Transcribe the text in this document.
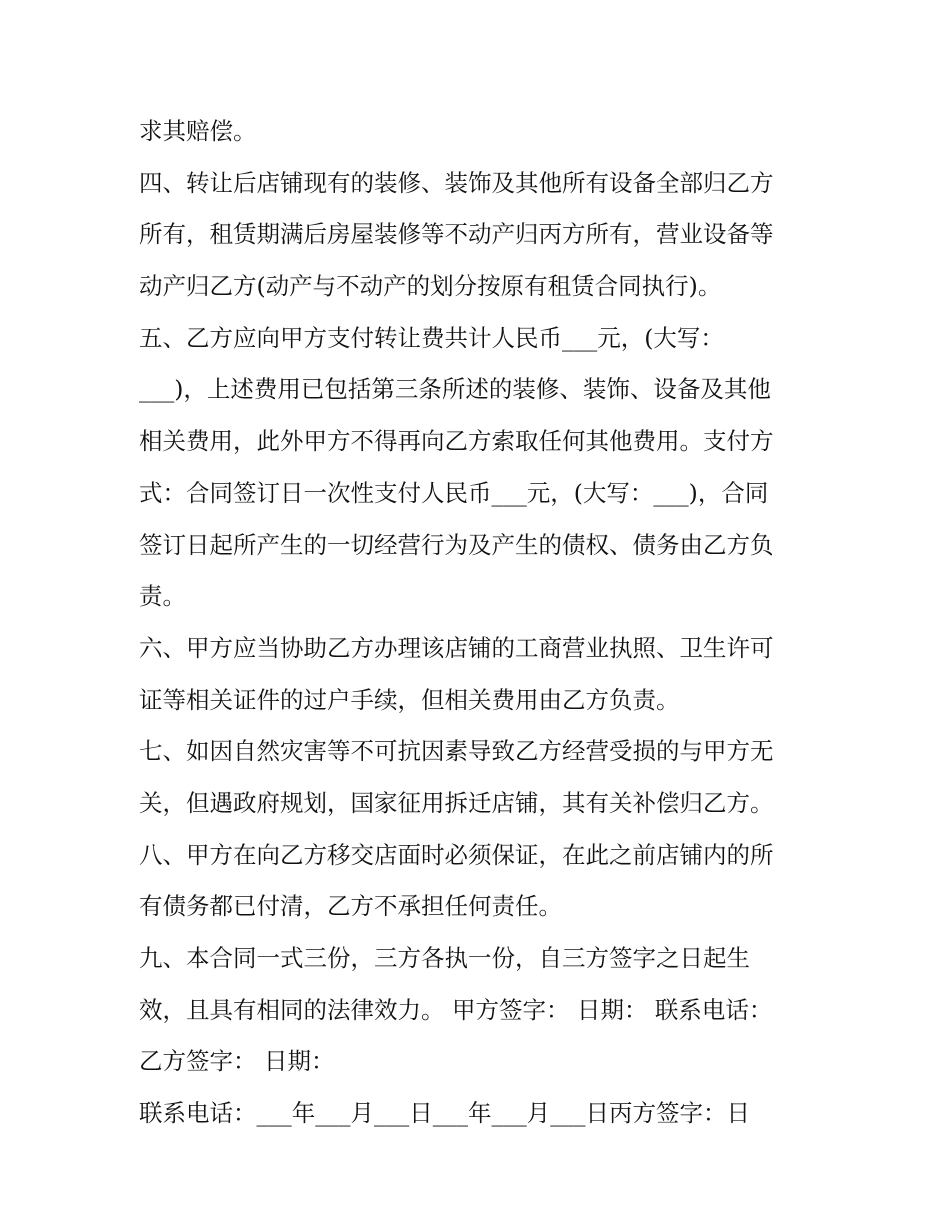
求其赔偿。
四、转让后店铺现有的装修、装饰及其他所有设备全部归乙方
所有，租赁期满后房屋装修等不动产归丙方所有，营业设备等
动产归乙方(动产与不动产的划分按原有租赁合同执行)。
五、乙方应向甲方支付转让费共计人民币___元，(大写：
___)，上述费用已包括第三条所述的装修、装饰、设备及其他
相关费用，此外甲方不得再向乙方索取任何其他费用。支付方
式：合同签订日一次性支付人民币___元，(大写：___)，合同
签订日起所产生的一切经营行为及产生的债权、债务由乙方负
责。
六、甲方应当协助乙方办理该店铺的工商营业执照、卫生许可
证等相关证件的过户手续，但相关费用由乙方负责。
七、如因自然灾害等不可抗因素导致乙方经营受损的与甲方无
关，但遇政府规划，国家征用拆迁店铺，其有关补偿归乙方。
八、甲方在向乙方移交店面时必须保证，在此之前店铺内的所
有债务都已付清，乙方不承担任何责任。
九、本合同一式三份，三方各执一份，自三方签字之日起生
效，且具有相同的法律效力。 甲方签字： 日期： 联系电话：
乙方签字： 日期：
联系电话：___年___月___日___年___月___日丙方签字：日
